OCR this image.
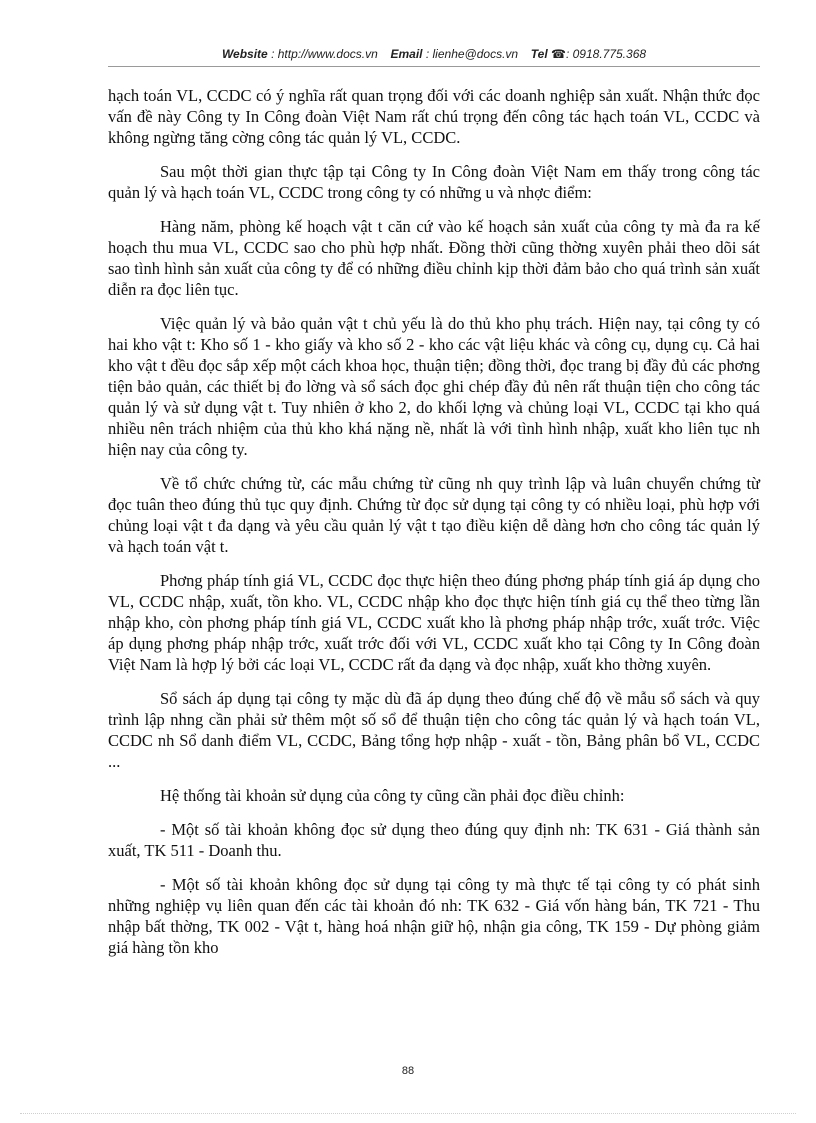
Website : http://www.docs.vn Email : lienhe@docs.vn Tel ☎: 0918.775.368

hạch toán VL, CCDC có ý nghĩa rất quan trọng đối với các doanh nghiệp sản xuất. Nhận thức đọc vấn đề này Công ty In Công đoàn Việt Nam rất chú trọng đến công tác hạch toán VL, CCDC và không ngừng tăng cờng công tác quản lý VL, CCDC.

Sau một thời gian thực tập tại Công ty In Công đoàn Việt Nam em thấy trong công tác quản lý và hạch toán VL, CCDC trong công ty có những u và nhợc điểm:

Hàng năm, phòng kế hoạch vật t căn cứ vào kế hoạch sản xuất của công ty mà đa ra kế hoạch thu mua VL, CCDC sao cho phù hợp nhất. Đồng thời cũng thờng xuyên phải theo dõi sát sao tình hình sản xuất của công ty để có những điều chỉnh kịp thời đảm bảo cho quá trình sản xuất diễn ra đọc liên tục.

Việc quản lý và bảo quản vật t chủ yếu là do thủ kho phụ trách. Hiện nay, tại công ty có hai kho vật t: Kho số 1 - kho giấy và kho số 2 - kho các vật liệu khác và công cụ, dụng cụ. Cả hai kho vật t đều đọc sắp xếp một cách khoa học, thuận tiện; đồng thời, đọc trang bị đầy đủ các phơng tiện bảo quản, các thiết bị đo lờng và sổ sách đọc ghi chép đầy đủ nên rất thuận tiện cho công tác quản lý và sử dụng vật t. Tuy nhiên ở kho 2, do khối lợng và chủng loại VL, CCDC tại kho quá nhiều nên trách nhiệm của thủ kho khá nặng nề, nhất là với tình hình nhập, xuất kho liên tục nh hiện nay của công ty.

Về tổ chức chứng từ, các mẫu chứng từ cũng nh quy trình lập và luân chuyển chứng từ đọc tuân theo đúng thủ tục quy định. Chứng từ đọc sử dụng tại công ty có nhiều loại, phù hợp với chủng loại vật t đa dạng và yêu cầu quản lý vật t tạo điều kiện dễ dàng hơn cho công tác quản lý và hạch toán vật t.

Phơng pháp tính giá VL, CCDC đọc thực hiện theo đúng phơng pháp tính giá áp dụng cho VL, CCDC nhập, xuất, tồn kho. VL, CCDC nhập kho đọc thực hiện tính giá cụ thể theo từng lần nhập kho, còn phơng pháp tính giá VL, CCDC xuất kho là phơng pháp nhập trớc, xuất trớc. Việc áp dụng phơng pháp nhập trớc, xuất trớc đối với VL, CCDC xuất kho tại Công ty In Công đoàn Việt Nam là hợp lý bởi các loại VL, CCDC rất đa dạng và đọc nhập, xuất kho thờng xuyên.

Sổ sách áp dụng tại công ty mặc dù đã áp dụng theo đúng chế độ về mẫu sổ sách và quy trình lập nhng cần phải sử thêm một số sổ để thuận tiện cho công tác quản lý và hạch toán VL, CCDC nh Sổ danh điểm VL, CCDC, Bảng tổng hợp nhập - xuất - tồn, Bảng phân bổ VL, CCDC ...

Hệ thống tài khoản sử dụng của công ty cũng cần phải đọc điều chỉnh:

- Một số tài khoản không đọc sử dụng theo đúng quy định nh: TK 631 - Giá thành sản xuất, TK 511 - Doanh thu.

- Một số tài khoản không đọc sử dụng tại công ty mà thực tế tại công ty có phát sinh những nghiệp vụ liên quan đến các tài khoản đó nh: TK 632 - Giá vốn hàng bán, TK 721 - Thu nhập bất thờng, TK 002 - Vật t, hàng hoá nhận giữ hộ, nhận gia công, TK 159 - Dự phòng giảm giá hàng tồn kho

88
